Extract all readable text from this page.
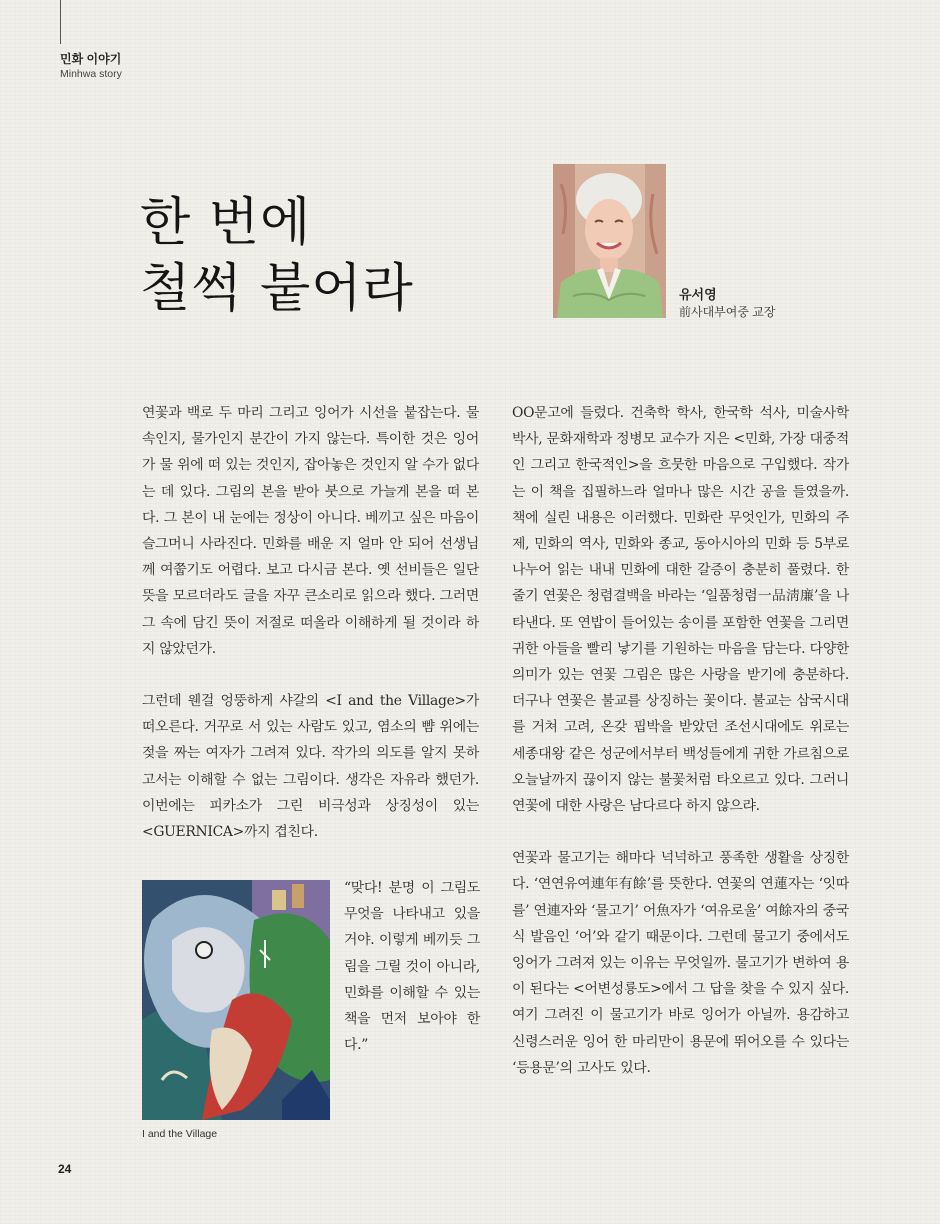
민화 이야기
Minhwa story
한 번에
철썩 붙어라	유서영
前사대부여중 교장

연꽃과 백로 두 마리 그리고 잉어가 시선을 붙잡는다. 물속인지, 물가인지 분간이 가지 않는다. 특이한 것은 잉어가 물 위에 떠 있는 것인지, 잡아놓은 것인지 알 수가 없다는 데 있다. 그림의 본을 받아 붓으로 가늘게 본을 떠 본다. 그 본이 내 눈에는 정상이 아니다. 베끼고 싶은 마음이 슬그머니 사라진다. 민화를 배운 지 얼마 안 되어 선생님께 여쭙기도 어렵다. 보고 다시금 본다. 옛 선비들은 일단 뜻을 모르더라도 글을 자꾸 큰소리로 읽으라 했다. 그러면 그 속에 담긴 뜻이 저절로 떠올라 이해하게 될 것이라 하지 않았던가.

그런데 웬걸 엉뚱하게 샤갈의 <I and the Village>가 떠오른다. 거꾸로 서 있는 사람도 있고, 염소의 뺨 위에는 젖을 짜는 여자가 그려져 있다. 작가의 의도를 알지 못하고서는 이해할 수 없는 그림이다. 생각은 자유라 했던가. 이번에는 피카소가 그린 비극성과 상징성이 있는 <GUERNICA>까지 겹친다.

I and the Village

“맞다! 분명 이 그림도 무엇을 나타내고 있을 거야. 이렇게 베끼듯 그림을 그릴 것이 아니라, 민화를 이해할 수 있는 책을 먼저 보아야 한다.”

OO문고에 들렀다. 건축학 학사, 한국학 석사, 미술사학 박사, 문화재학과 정병모 교수가 지은 <민화, 가장 대중적인 그리고 한국적인>을 흐뭇한 마음으로 구입했다. 작가는 이 책을 집필하느라 얼마나 많은 시간 공을 들였을까. 책에 실린 내용은 이러했다. 민화란 무엇인가, 민화의 주제, 민화의 역사, 민화와 종교, 동아시아의 민화 등 5부로 나누어 읽는 내내 민화에 대한 갈증이 충분히 풀렸다. 한줄기 연꽃은 청렴결백을 바라는 ‘일품청렴一品淸廉’을 나타낸다. 또 연밥이 들어있는 송이를 포함한 연꽃을 그리면 귀한 아들을 빨리 낳기를 기원하는 마음을 담는다. 다양한 의미가 있는 연꽃 그림은 많은 사랑을 받기에 충분하다. 더구나 연꽃은 불교를 상징하는 꽃이다. 불교는 삼국시대를 거쳐 고려, 온갖 핍박을 받았던 조선시대에도 위로는 세종대왕 같은 성군에서부터 백성들에게 귀한 가르침으로 오늘날까지 끊이지 않는 불꽃처럼 타오르고 있다. 그러니 연꽃에 대한 사랑은 남다르다 하지 않으랴.

연꽃과 물고기는 해마다 넉넉하고 풍족한 생활을 상징한다. ‘연연유여連年有餘’를 뜻한다. 연꽃의 연蓮자는 ‘잇따를’ 연連자와 ‘물고기’ 어魚자가 ‘여유로울’ 여餘자의 중국식 발음인 ‘어’와 같기 때문이다. 그런데 물고기 중에서도 잉어가 그려져 있는 이유는 무엇일까. 물고기가 변하여 용이 된다는 <어변성룡도>에서 그 답을 찾을 수 있지 싶다. 여기 그려진 이 물고기가 바로 잉어가 아닐까. 용감하고 신령스러운 잉어 한 마리만이 용문에 뛰어오를 수 있다는 ‘등용문’의 고사도 있다.

24
